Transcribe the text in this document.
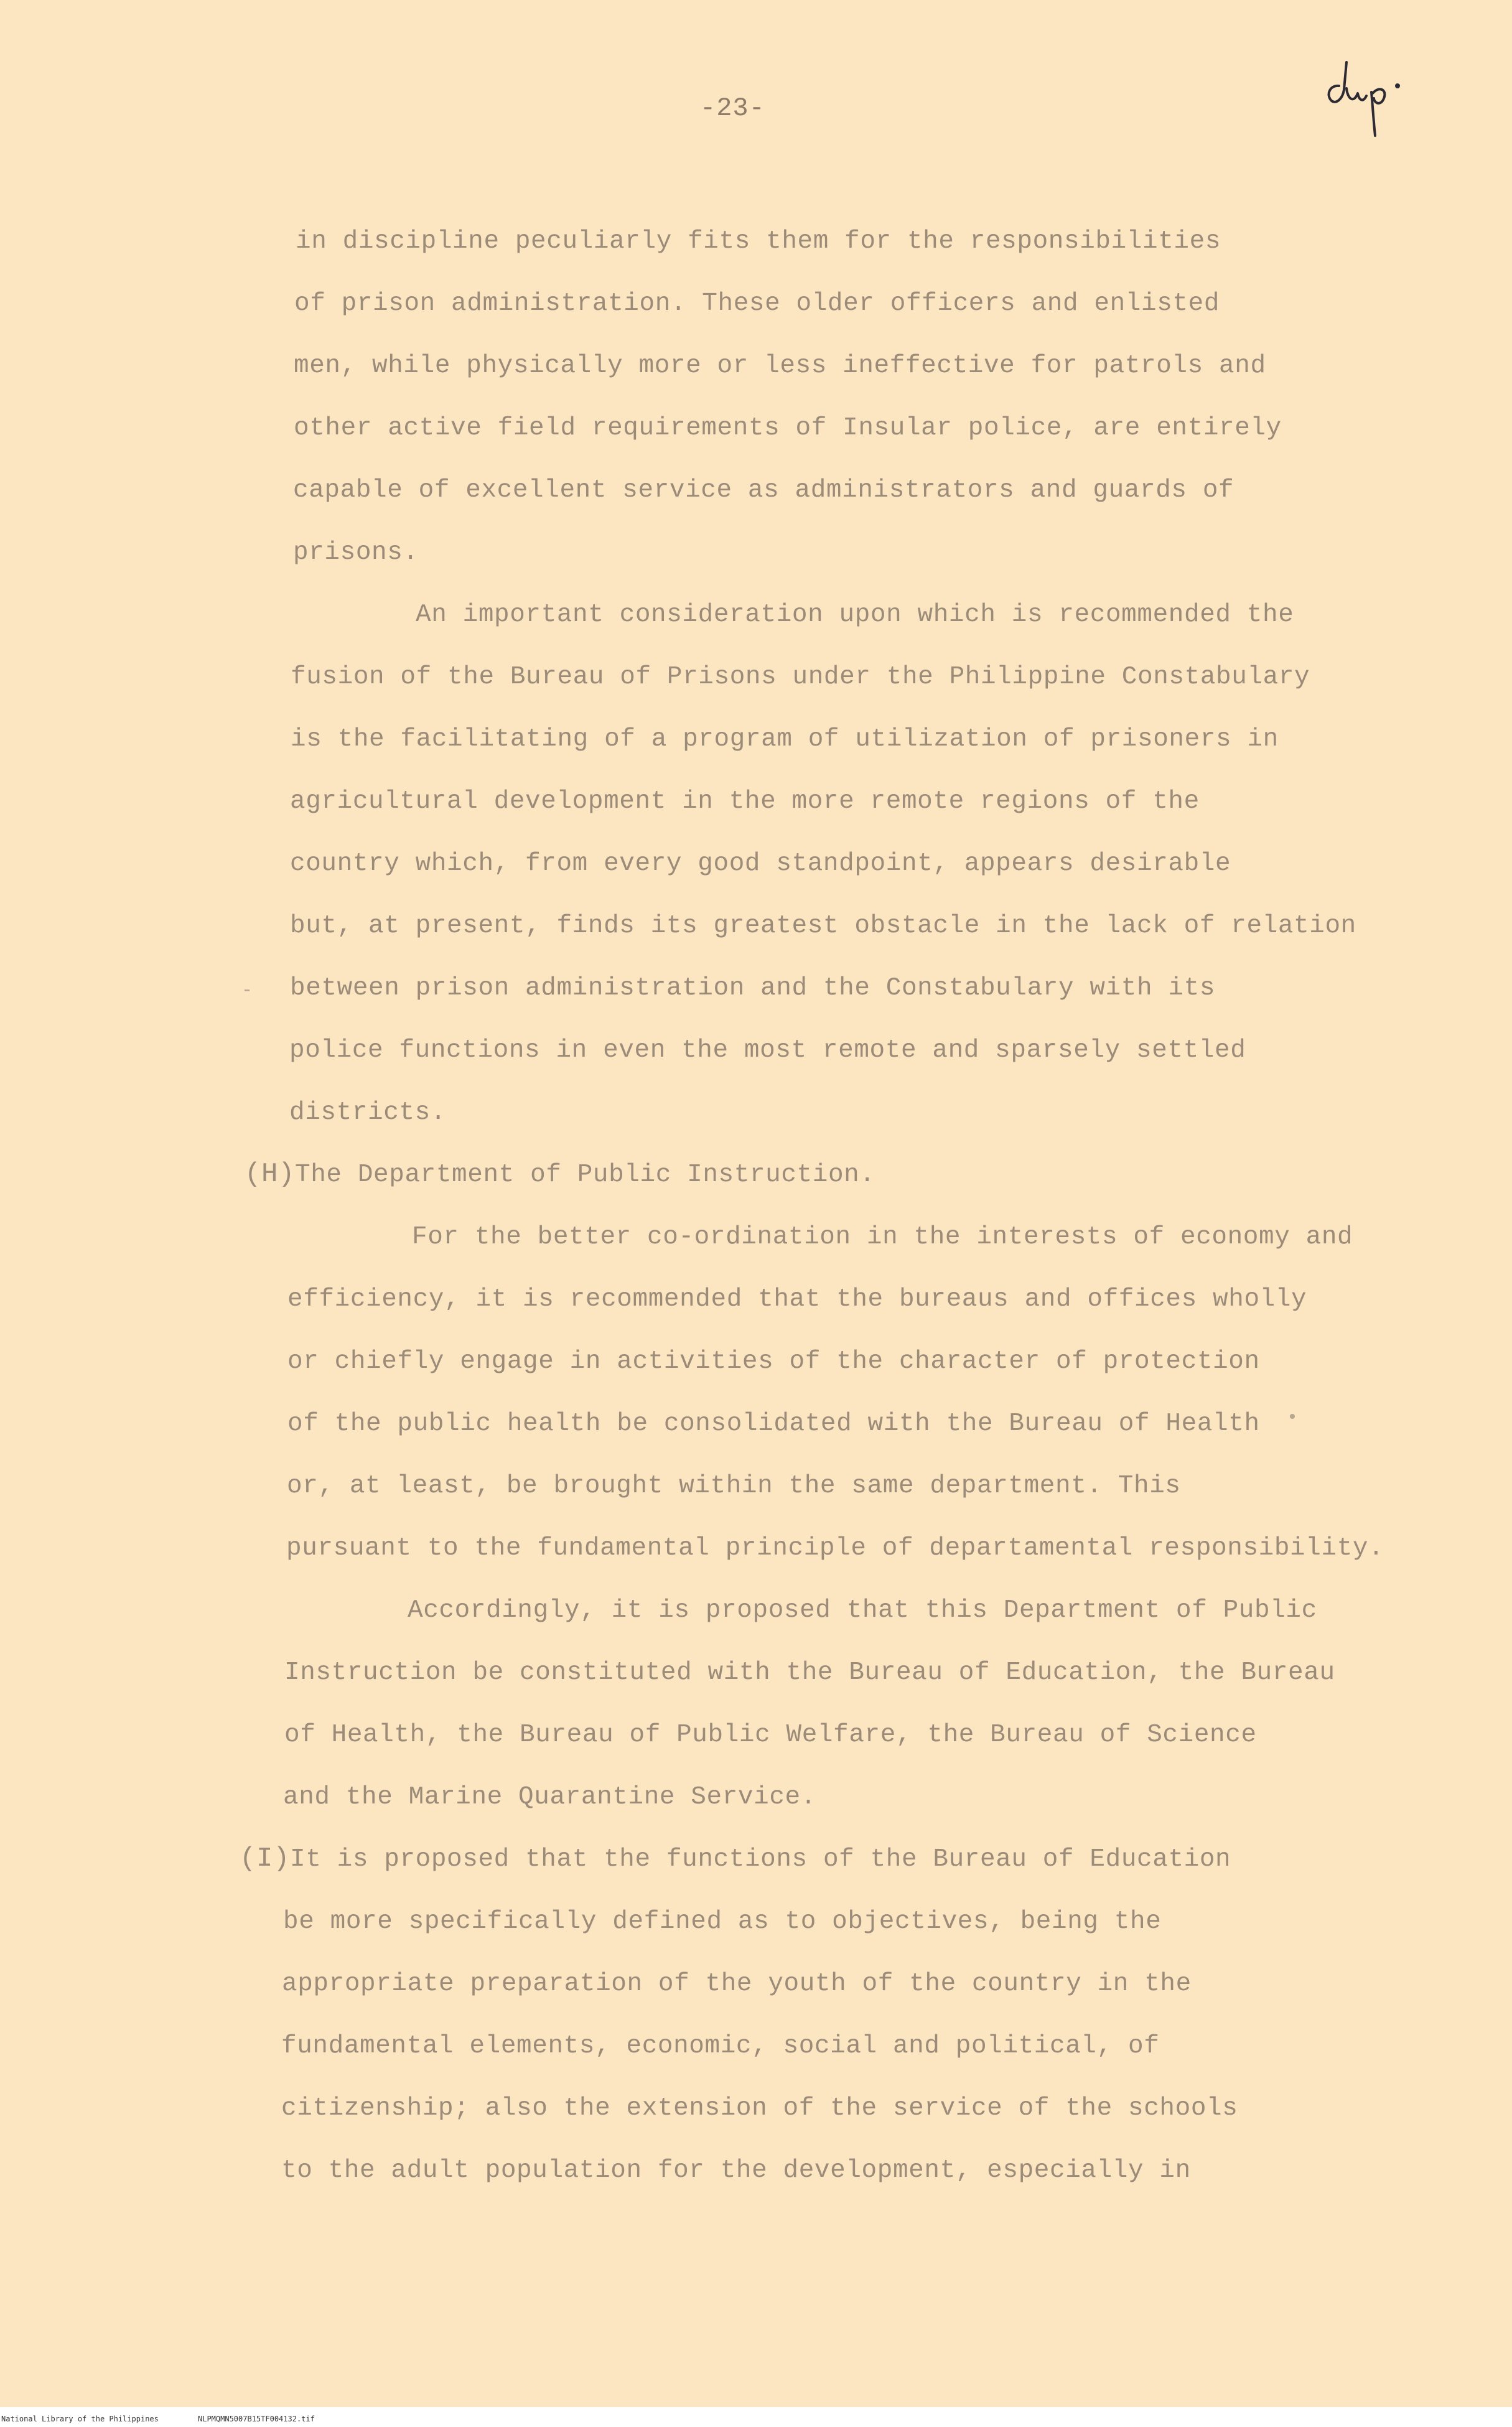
-23-
in discipline peculiarly fits them for the responsibilities
of prison administration. These older officers and enlisted
men, while physically more or less ineffective for patrols and
other active field requirements of Insular police, are entirely
capable of excellent service as administrators and guards of
prisons.
An important consideration upon which is recommended the
fusion of the Bureau of Prisons under the Philippine Constabulary
is the facilitating of a program of utilization of prisoners in
agricultural development in the more remote regions of the
country which, from every good standpoint, appears desirable
but, at present, finds its greatest obstacle in the lack of relation
‐ between prison administration and the Constabulary with its
police functions in even the most remote and sparsely settled
districts.
(H)The Department of Public Instruction.
For the better co-ordination in the interests of economy and
efficiency, it is recommended that the bureaus and offices wholly
or chiefly engage in activities of the character of protection
of the public health be consolidated with the Bureau of Health •
or, at least, be brought within the same department. This
pursuant to the fundamental principle of departamental responsibility.
Accordingly, it is proposed that this Department of Public
Instruction be constituted with the Bureau of Education, the Bureau
of Health, the Bureau of Public Welfare, the Bureau of Science
and the Marine Quarantine Service.
(I)It is proposed that the functions of the Bureau of Education
be more specifically defined as to objectives, being the
appropriate preparation of the youth of the country in the
fundamental elements, economic, social and political, of
citizenship; also the extension of the service of the schools
to the adult population for the development, especially in
National Library of the Philippines	NLPMQMN5007B15TF004132.tif
